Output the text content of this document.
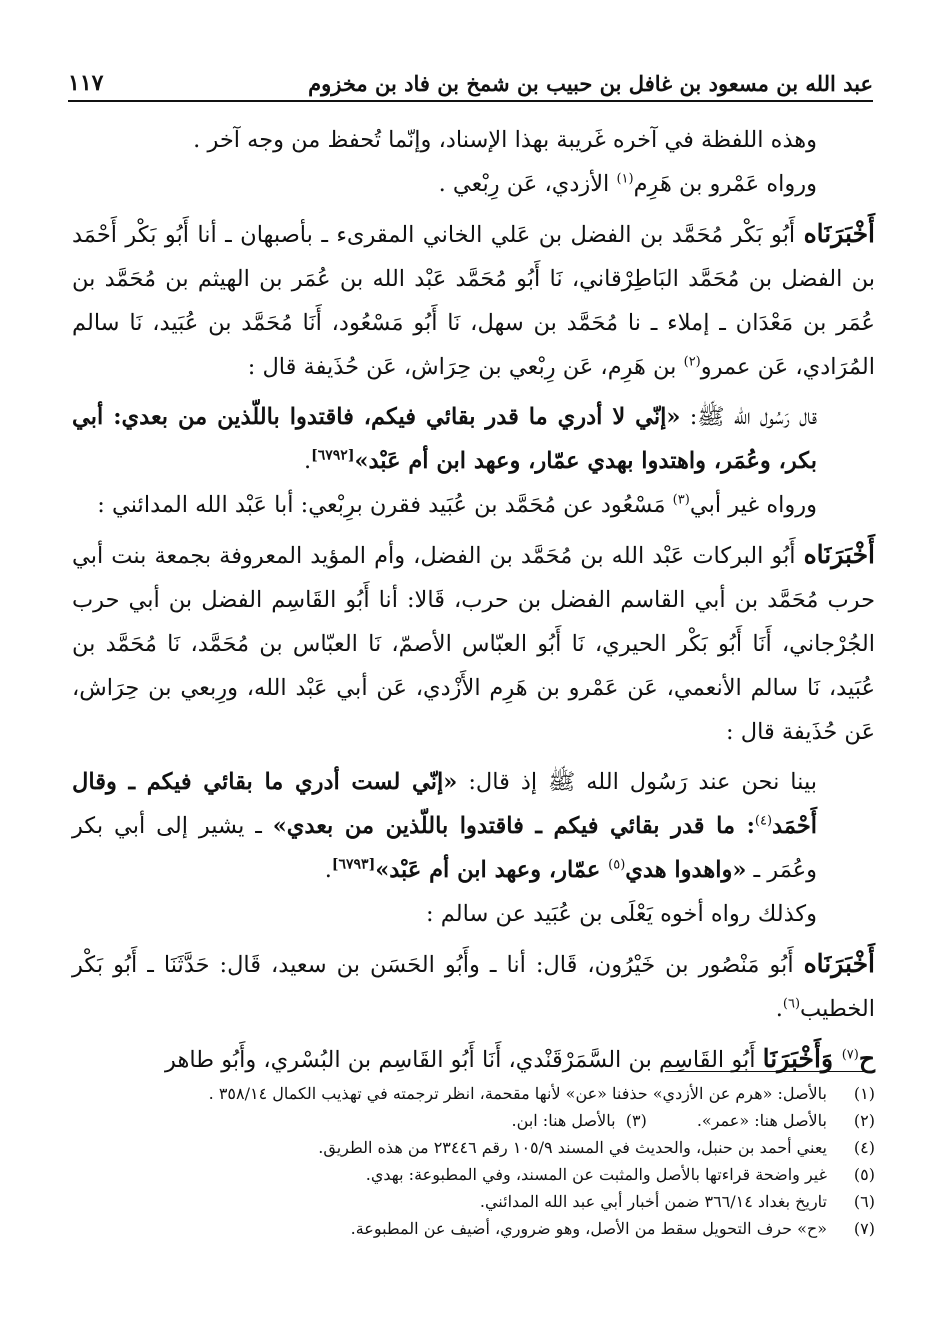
١١٧	عبد الله بن مسعود بن غافل بن حبيب بن شمخ بن فاد بن مخزوم

وهذه اللفظة في آخره غَريبة بهذا الإسناد، وإنّما تُحفظ من وجه آخر .

ورواه عَمْرو بن هَرِم$^{(١)}$ الأزدي، عَن رِبْعي .

أَخْبَرَنَاه أَبُو بَكْر مُحَمَّد بن الفضل بن عَلي الخاني المقرىء ـ بأصبهان ـ أنا أَبُو بَكْر أَحْمَد بن الفضل بن مُحَمَّد البَاطِرْقاني، نَا أَبُو مُحَمَّد عَبْد الله بن عُمَر بن الهيثم بن مُحَمَّد بن عُمَر بن مَعْدَان ـ إملاء ـ نا مُحَمَّد بن سهل، نَا أَبُو مَسْعُود، أَنَا مُحَمَّد بن عُبَيد، نَا سالم المُرَادي، عَن عمرو$^{(٢)}$ بن هَرِم، عَن رِبْعي بن حِرَاش، عَن حُذَيفة قال :

قال رَسُول الله ﷺ: «إنّي لا أدري ما قدر بقائي فيكم، فاقتدوا باللّذين من بعدي: أبي بكر، وعُمَر، واهتدوا بهدي عمّار، وعهد ابن أم عَبْد»[٦٧٩٢].

ورواه غير أبي$^{(٣)}$ مَسْعُود عن مُحَمَّد بن عُبَيد فقرن برِبْعي: أبا عَبْد الله المدائني :

أَخْبَرَنَاه أَبُو البركات عَبْد الله بن مُحَمَّد بن الفضل، وأم المؤيد المعروفة بجمعة بنت أبي حرب مُحَمَّد بن أبي القاسم الفضل بن حرب، قَالا: أنا أَبُو القَاسِم الفضل بن أبي حرب الجُرْجاني، أَنَا أَبُو بَكْر الحيري، نَا أَبُو العبّاس الأصمّ، نَا العبّاس بن مُحَمَّد، نَا مُحَمَّد بن عُبَيد، نَا سالم الأنعمي، عَن عَمْرو بن هَرِم الأَزْدي، عَن أبي عَبْد الله، ورِبعي بن حِرَاش، عَن حُذَيفة قال :

بينا نحن عند رَسُول الله ﷺ إذ قال: «إنّي لست أدري ما بقائي فيكم ـ وقال أَحْمَد$^{(٤)}$: ما قدر بقائي فيكم ـ فاقتدوا باللّذين من بعدي» ـ يشير إلى أبي بكر وعُمَر ـ «واهدوا هدي$^{(٥)}$ عمّار، وعهد ابن أم عَبْد»[٦٧٩٣].

وكذلك رواه أخوه يَعْلَى بن عُبَيد عن سالم :

أَخْبَرَنَاه أَبُو مَنْصُور بن خَيْرُون، قَال: أنا ـ وأَبُو الحَسَن بن سعيد، قَال: حَدَّثَنَا ـ أَبُو بَكْر الخطيب$^{(٦)}$.

ح$^{(٧)}$ وَأَخْبَرَنَا أَبُو القَاسِم بن السَّمَرْقَنْدي، أَنَا أَبُو القَاسِم بن البُسْري، وأَبُو طاهر

(١)
بالأصل: «هرم عن الأزدي» حذفنا «عن» لأنها مقحمة، انظر ترجمته في تهذيب الكمال ٣٥٨/١٤ .
(٢)
بالأصل هنا: «عمر».(٣)  بالأصل هنا: ابن.
(٤)
يعني أحمد بن حنبل، والحديث في المسند ١٠٥/٩ رقم ٢٣٤٤٦ من هذه الطريق.
(٥)
غير واضحة قراءتها بالأصل والمثبت عن المسند، وفي المطبوعة: بهدي.
(٦)
تاريخ بغداد ٣٦٦/١٤ ضمن أخبار أبي عبد الله المدائني.
(٧)
«ح» حرف التحويل سقط من الأصل، وهو ضروري، أضيف عن المطبوعة.
